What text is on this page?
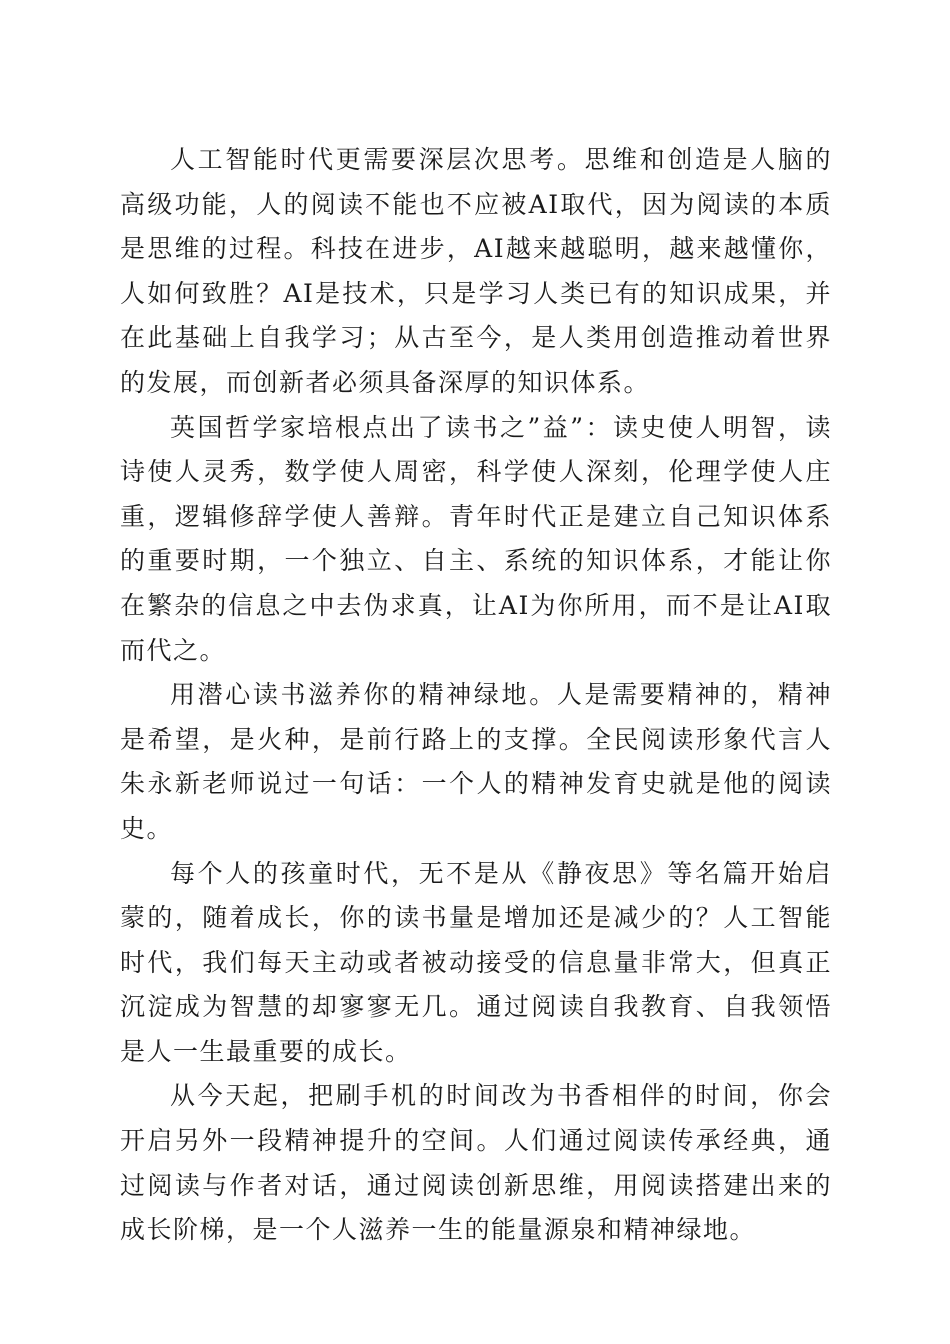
人工智能时代更需要深层次思考。思维和创造是人脑的高级功能，人的阅读不能也不应被AI取代，因为阅读的本质是思维的过程。科技在进步，AI越来越聪明，越来越懂你，人如何致胜？AI是技术，只是学习人类已有的知识成果，并在此基础上自我学习；从古至今，是人类用创造推动着世界的发展，而创新者必须具备深厚的知识体系。

英国哲学家培根点出了读书之”益”：读史使人明智，读诗使人灵秀，数学使人周密，科学使人深刻，伦理学使人庄重，逻辑修辞学使人善辩。青年时代正是建立自己知识体系的重要时期，一个独立、自主、系统的知识体系，才能让你在繁杂的信息之中去伪求真，让AI为你所用，而不是让AI取而代之。

用潜心读书滋养你的精神绿地。人是需要精神的，精神是希望，是火种，是前行路上的支撑。全民阅读形象代言人朱永新老师说过一句话：一个人的精神发育史就是他的阅读史。

每个人的孩童时代，无不是从《静夜思》等名篇开始启蒙的，随着成长，你的读书量是增加还是减少的？人工智能时代，我们每天主动或者被动接受的信息量非常大，但真正沉淀成为智慧的却寥寥无几。通过阅读自我教育、自我领悟是人一生最重要的成长。

从今天起，把刷手机的时间改为书香相伴的时间，你会开启另外一段精神提升的空间。人们通过阅读传承经典，通过阅读与作者对话，通过阅读创新思维，用阅读搭建出来的成长阶梯，是一个人滋养一生的能量源泉和精神绿地。
